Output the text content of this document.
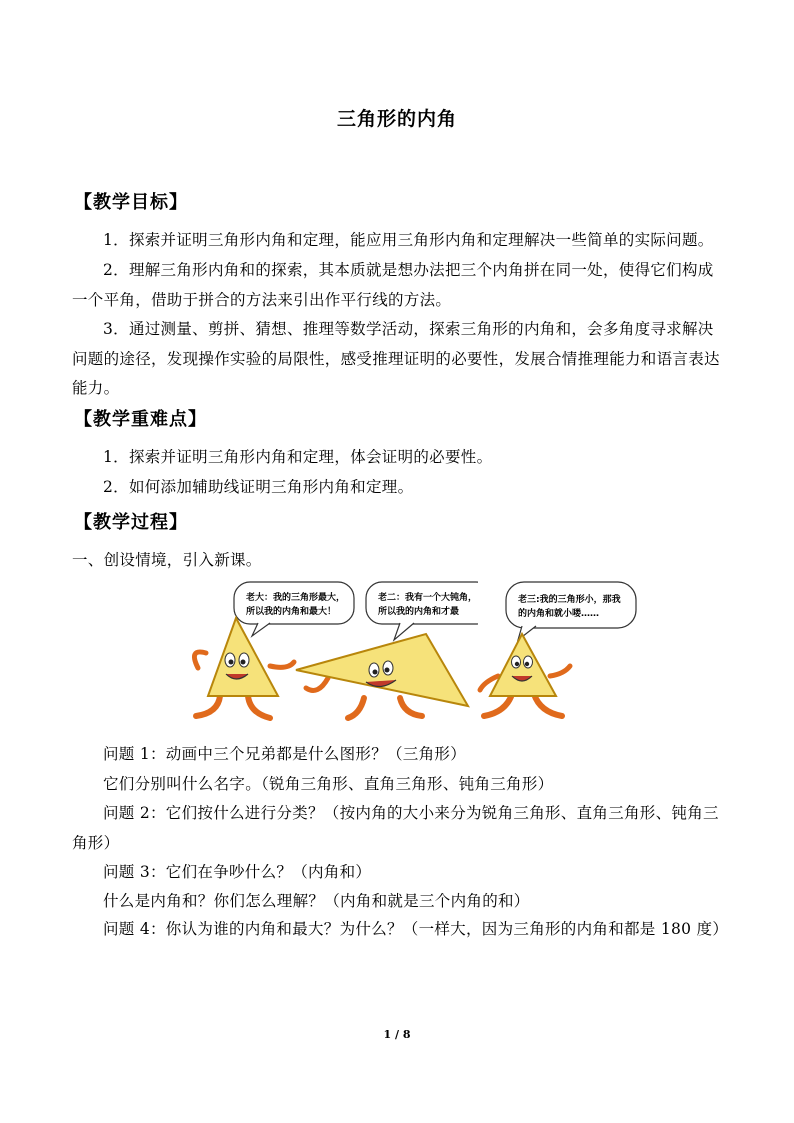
三角形的内角
【教学目标】
1．探索并证明三角形内角和定理，能应用三角形内角和定理解决一些简单的实际问题。
2．理解三角形内角和的探索，其本质就是想办法把三个内角拼在同一处，使得它们构成一个平角，借助于拼合的方法来引出作平行线的方法。
3．通过测量、剪拼、猜想、推理等数学活动，探索三角形的内角和，会多角度寻求解决问题的途径，发现操作实验的局限性，感受推理证明的必要性，发展合情推理能力和语言表达能力。
【教学重难点】
1．探索并证明三角形内角和定理，体会证明的必要性。
2．如何添加辅助线证明三角形内角和定理。
【教学过程】
一、创设情境，引入新课。
老大：我的三角形最大，
所以我的内角和最大！
老二：我有一个大钝角，
所以我的内角和才最
老三:我的三角形小，那我
的内角和就小喽……
问题 1：动画中三个兄弟都是什么图形？（三角形）
它们分别叫什么名字。（锐角三角形、直角三角形、钝角三角形）
问题 2：它们按什么进行分类？（按内角的大小来分为锐角三角形、直角三角形、钝角三角形）
问题 3：它们在争吵什么？（内角和）
什么是内角和？你们怎么理解？（内角和就是三个内角的和）
问题 4：你认为谁的内角和最大？为什么？（一样大，因为三角形的内角和都是 180 度）
1 / 8
